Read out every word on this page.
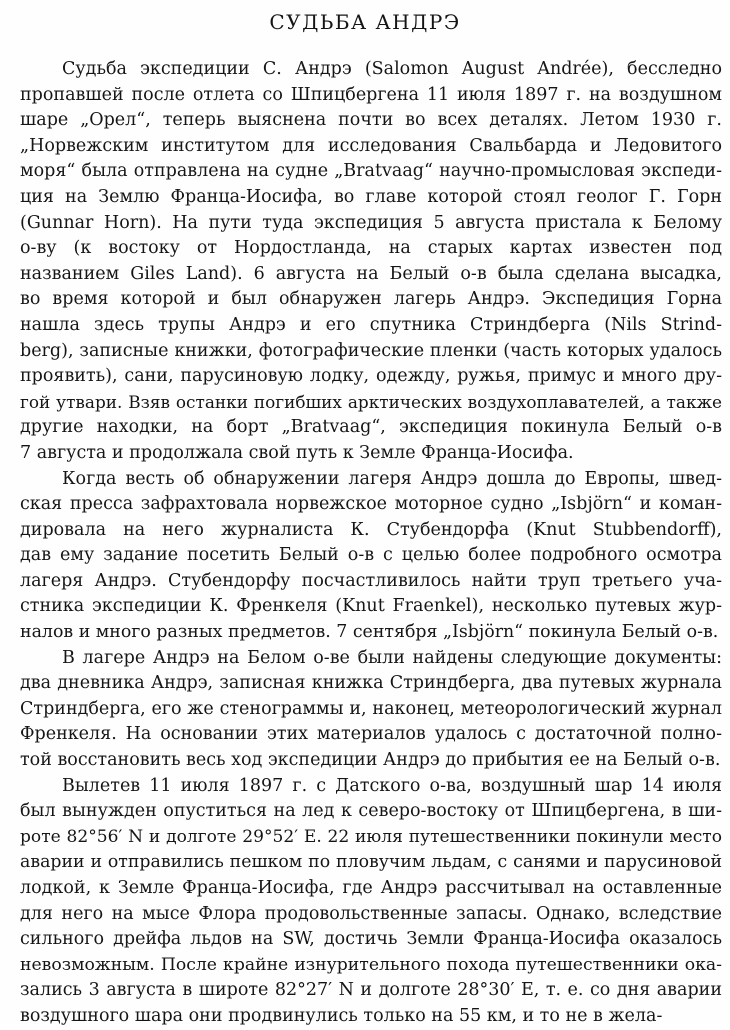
СУДЬБА АНДРЭ
Судьба экспедиции С. Андрэ (Salomon August Andrée), бесследно
пропавшей после отлета со Шпицбергена 11 июля 1897 г. на воздушном
шаре „Орел“, теперь выяснена почти во всех деталях. Летом 1930 г.
„Норвежским институтом для исследования Свальбарда и Ледовитого
моря“ была отправлена на судне „Bratvaag“ научно-промысловая экспеди-
ция на Землю Франца-Иосифа, во главе которой стоял геолог Г. Горн
(Gunnar Horn). На пути туда экспедиция 5 августа пристала к Белому
о-ву (к востоку от Нордостланда, на старых картах известен под
названием Giles Land). 6 августа на Белый о-в была сделана высадка,
во время которой и был обнаружен лагерь Андрэ. Экспедиция Горна
нашла здесь трупы Андрэ и его спутника Стриндберга (Nils Strind-
berg), записные книжки, фотографические пленки (часть которых удалось
проявить), сани, парусиновую лодку, одежду, ружья, примус и много дру-
гой утвари. Взяв останки погибших арктических воздухоплавателей, а также
другие находки, на борт „Bratvaag“, экспедиция покинула Белый о-в
7 августа и продолжала свой путь к Земле Франца-Иосифа.
Когда весть об обнаружении лагеря Андрэ дошла до Европы, швед-
ская пресса зафрахтовала норвежское моторное судно „Isbjörn“ и коман-
дировала на него журналиста К. Стубендорфа (Knut Stubbendorff),
дав ему задание посетить Белый о-в с целью более подробного осмотра
лагеря Андрэ. Стубендорфу посчастливилось найти труп третьего уча-
стника экспедиции К. Френкеля (Knut Fraenkel), несколько путевых жур-
налов и много разных предметов. 7 сентября „Isbjörn“ покинула Белый о-в.
В лагере Андрэ на Белом о-ве были найдены следующие документы:
два дневника Андрэ, записная книжка Стриндберга, два путевых журнала
Стриндберга, его же стенограммы и, наконец, метеорологический журнал
Френкеля. На основании этих материалов удалось с достаточной полно-
той восстановить весь ход экспедиции Андрэ до прибытия ее на Белый о-в.
Вылетев 11 июля 1897 г. с Датского о-ва, воздушный шар 14 июля
был вынужден опуститься на лед к северо-востоку от Шпицбергена, в ши-
роте 82°56′ N и долготе 29°52′ E. 22 июля путешественники покинули место
аварии и отправились пешком по пловучим льдам, с санями и парусиновой
лодкой, к Земле Франца-Иосифа, где Андрэ рассчитывал на оставленные
для него на мысе Флора продовольственные запасы. Однако, вследствие
сильного дрейфа льдов на SW, достичь Земли Франца-Иосифа оказалось
невозможным. После крайне изнурительного похода путешественники ока-
зались 3 августа в широте 82°27′ N и долготе 28°30′ E, т. е. со дня аварии
воздушного шара они продвинулись только на 55 км, и то не в жела-
